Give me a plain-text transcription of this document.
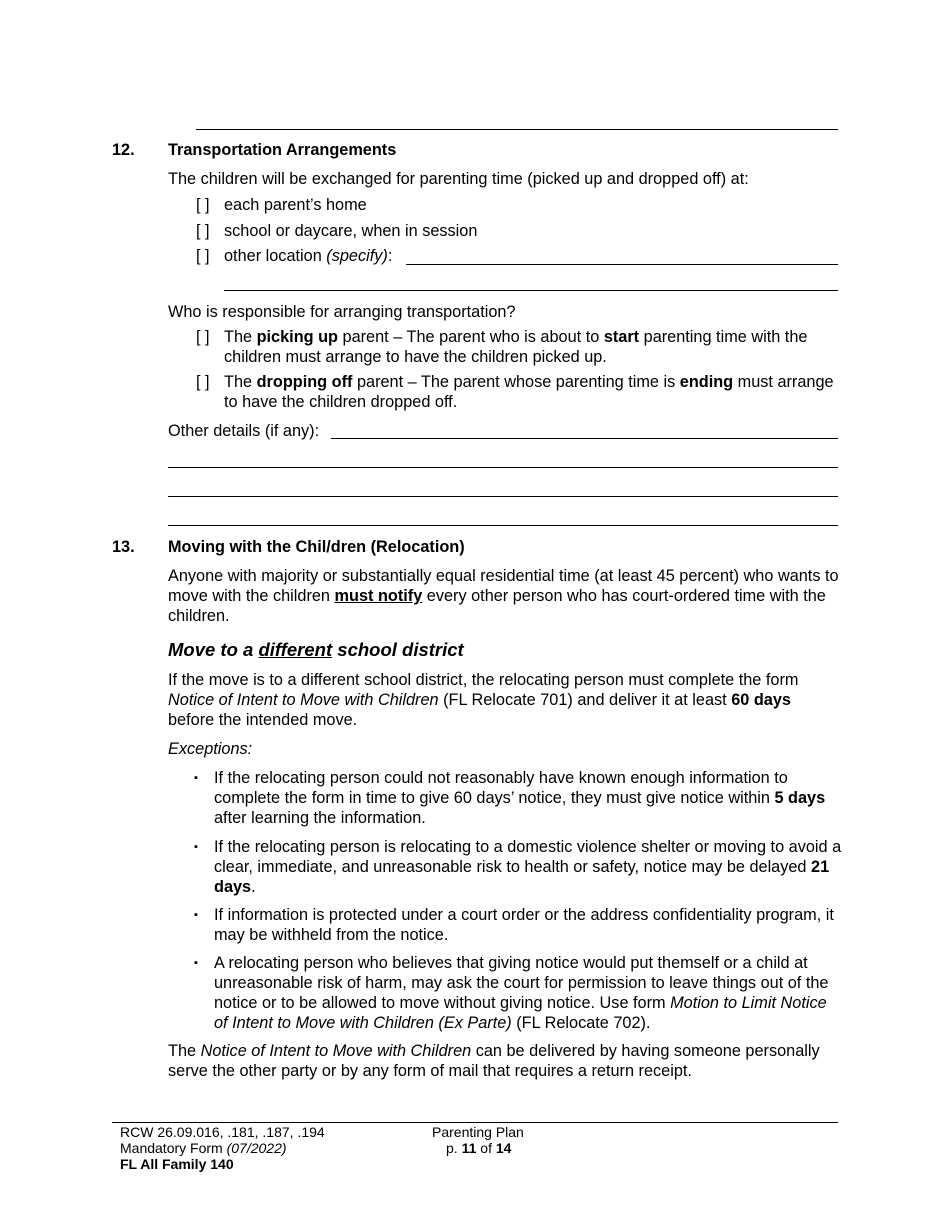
12. Transportation Arrangements
The children will be exchanged for parenting time (picked up and dropped off) at:
[ ] each parent’s home
[ ] school or daycare, when in session
[ ] other location (specify):
Who is responsible for arranging transportation?
[ ] The picking up parent – The parent who is about to start parenting time with the children must arrange to have the children picked up.
[ ] The dropping off parent – The parent whose parenting time is ending must arrange to have the children dropped off.
Other details (if any):
13. Moving with the Chil/dren (Relocation)
Anyone with majority or substantially equal residential time (at least 45 percent) who wants to move with the children must notify every other person who has court-ordered time with the children.
Move to a different school district
If the move is to a different school district, the relocating person must complete the form Notice of Intent to Move with Children (FL Relocate 701) and deliver it at least 60 days before the intended move.
Exceptions:
▪ If the relocating person could not reasonably have known enough information to complete the form in time to give 60 days’ notice, they must give notice within 5 days after learning the information.
▪ If the relocating person is relocating to a domestic violence shelter or moving to avoid a clear, immediate, and unreasonable risk to health or safety, notice may be delayed 21 days.
▪ If information is protected under a court order or the address confidentiality program, it may be withheld from the notice.
▪ A relocating person who believes that giving notice would put themself or a child at unreasonable risk of harm, may ask the court for permission to leave things out of the notice or to be allowed to move without giving notice. Use form Motion to Limit Notice of Intent to Move with Children (Ex Parte) (FL Relocate 702).
The Notice of Intent to Move with Children can be delivered by having someone personally serve the other party or by any form of mail that requires a return receipt.
RCW 26.09.016, .181, .187, .194
Mandatory Form (07/2022)
FL All Family 140
Parenting Plan
p. 11 of 14
